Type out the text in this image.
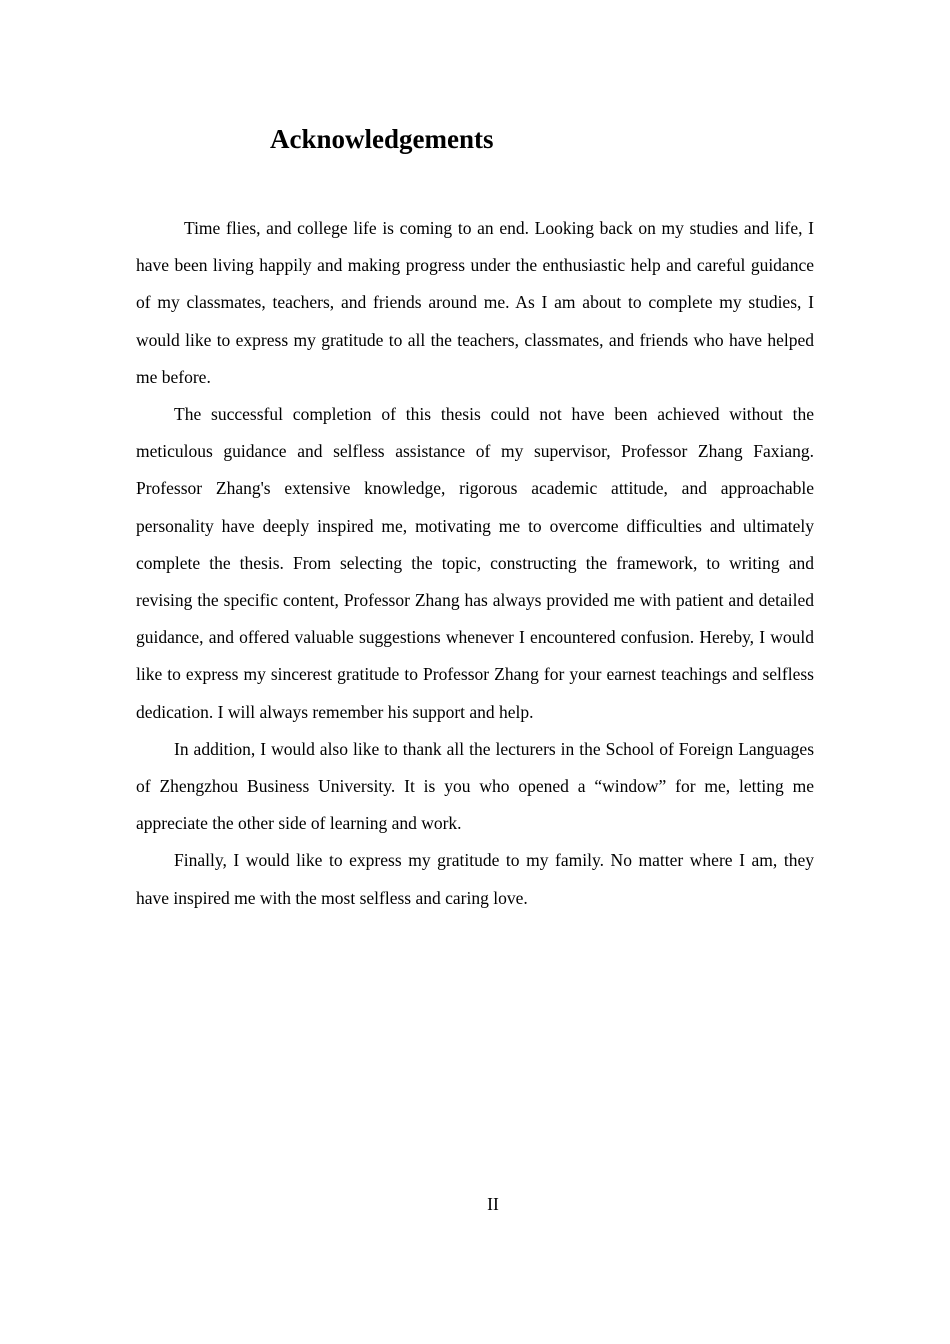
Acknowledgements

Time flies, and college life is coming to an end. Looking back on my studies and life, I have been living happily and making progress under the enthusiastic help and careful guidance of my classmates, teachers, and friends around me. As I am about to complete my studies, I would like to express my gratitude to all the teachers, classmates, and friends who have helped me before.

The successful completion of this thesis could not have been achieved without the meticulous guidance and selfless assistance of my supervisor, Professor Zhang Faxiang. Professor Zhang's extensive knowledge, rigorous academic attitude, and approachable personality have deeply inspired me, motivating me to overcome difficulties and ultimately complete the thesis. From selecting the topic, constructing the framework, to writing and revising the specific content, Professor Zhang has always provided me with patient and detailed guidance, and offered valuable suggestions whenever I encountered confusion. Hereby, I would like to express my sincerest gratitude to Professor Zhang for your earnest teachings and selfless dedication. I will always remember his support and help.

In addition, I would also like to thank all the lecturers in the School of Foreign Languages of Zhengzhou Business University. It is you who opened a “window” for me, letting me appreciate the other side of learning and work.

Finally, I would like to express my gratitude to my family. No matter where I am, they have inspired me with the most selfless and caring love.

II
